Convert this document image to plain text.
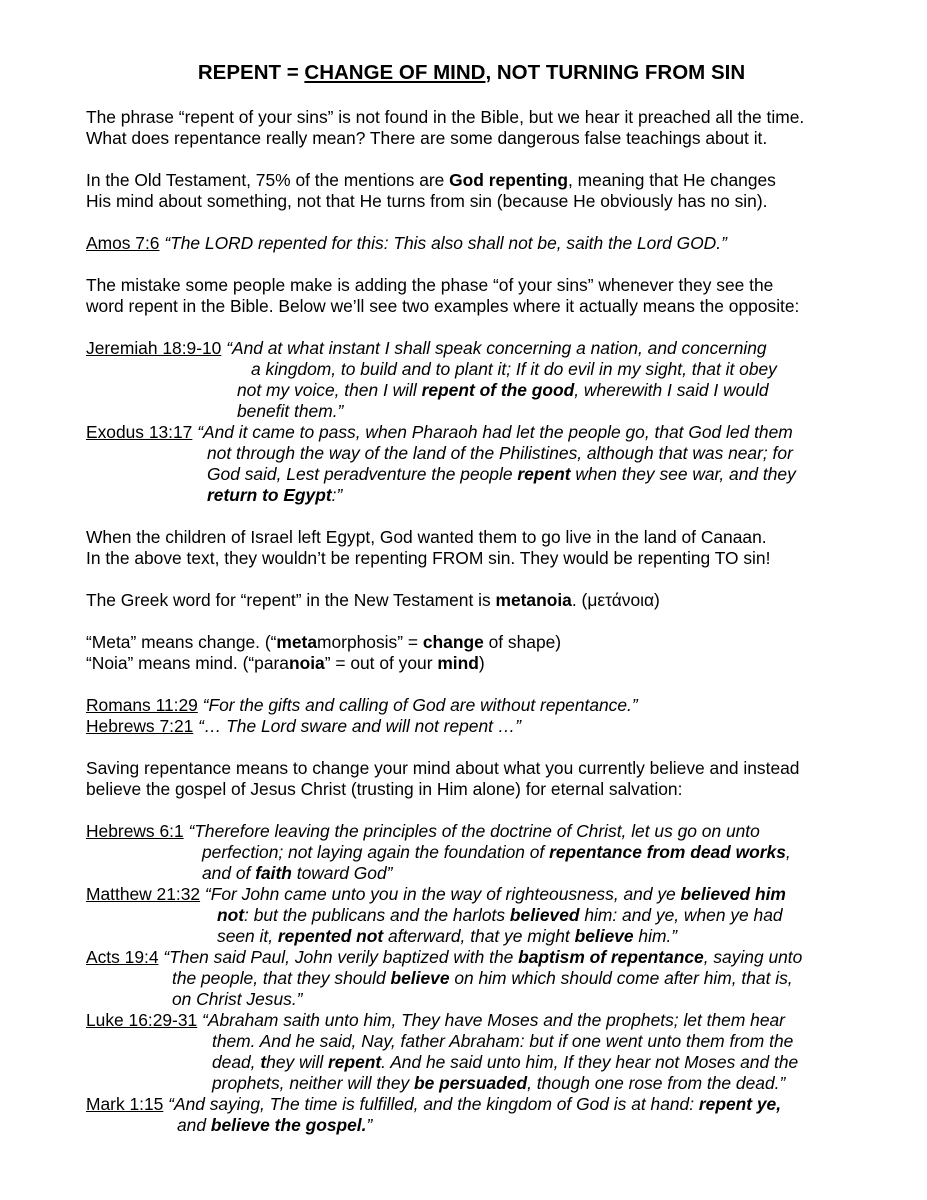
REPENT = CHANGE OF MIND, NOT TURNING FROM SIN

The phrase “repent of your sins” is not found in the Bible, but we hear it preached all the time.
What does repentance really mean? There are some dangerous false teachings about it.

In the Old Testament, 75% of the mentions are God repenting, meaning that He changes
His mind about something, not that He turns from sin (because He obviously has no sin).

Amos 7:6 “The LORD repented for this: This also shall not be, saith the Lord GOD.”

The mistake some people make is adding the phase “of your sins” whenever they see the
word repent in the Bible. Below we’ll see two examples where it actually means the opposite:

Jeremiah 18:9-10 “And at what instant I shall speak concerning a nation, and concerning
a kingdom, to build and to plant it; If it do evil in my sight, that it obey
not my voice, then I will repent of the good, wherewith I said I would
benefit them.”
Exodus 13:17 “And it came to pass, when Pharaoh had let the people go, that God led them
not through the way of the land of the Philistines, although that was near; for
God said, Lest peradventure the people repent when they see war, and they
return to Egypt:”

When the children of Israel left Egypt, God wanted them to go live in the land of Canaan.
In the above text, they wouldn’t be repenting FROM sin. They would be repenting TO sin!

The Greek word for “repent” in the New Testament is metanoia. (μετάνοια)

“Meta” means change. (“metamorphosis” = change of shape)
“Noia” means mind. (“paranoia” = out of your mind)

Romans 11:29 “For the gifts and calling of God are without repentance.”
Hebrews 7:21 “… The Lord sware and will not repent …”

Saving repentance means to change your mind about what you currently believe and instead
believe the gospel of Jesus Christ (trusting in Him alone) for eternal salvation:

Hebrews 6:1 “Therefore leaving the principles of the doctrine of Christ, let us go on unto
perfection; not laying again the foundation of repentance from dead works,
and of faith toward God”
Matthew 21:32 “For John came unto you in the way of righteousness, and ye believed him
not: but the publicans and the harlots believed him: and ye, when ye had
seen it, repented not afterward, that ye might believe him.”
Acts 19:4 “Then said Paul, John verily baptized with the baptism of repentance, saying unto
the people, that they should believe on him which should come after him, that is,
on Christ Jesus.”
Luke 16:29-31 “Abraham saith unto him, They have Moses and the prophets; let them hear
them. And he said, Nay, father Abraham: but if one went unto them from the
dead, they will repent. And he said unto him, If they hear not Moses and the
prophets, neither will they be persuaded, though one rose from the dead.”
Mark 1:15 “And saying, The time is fulfilled, and the kingdom of God is at hand: repent ye,
and believe the gospel.”
